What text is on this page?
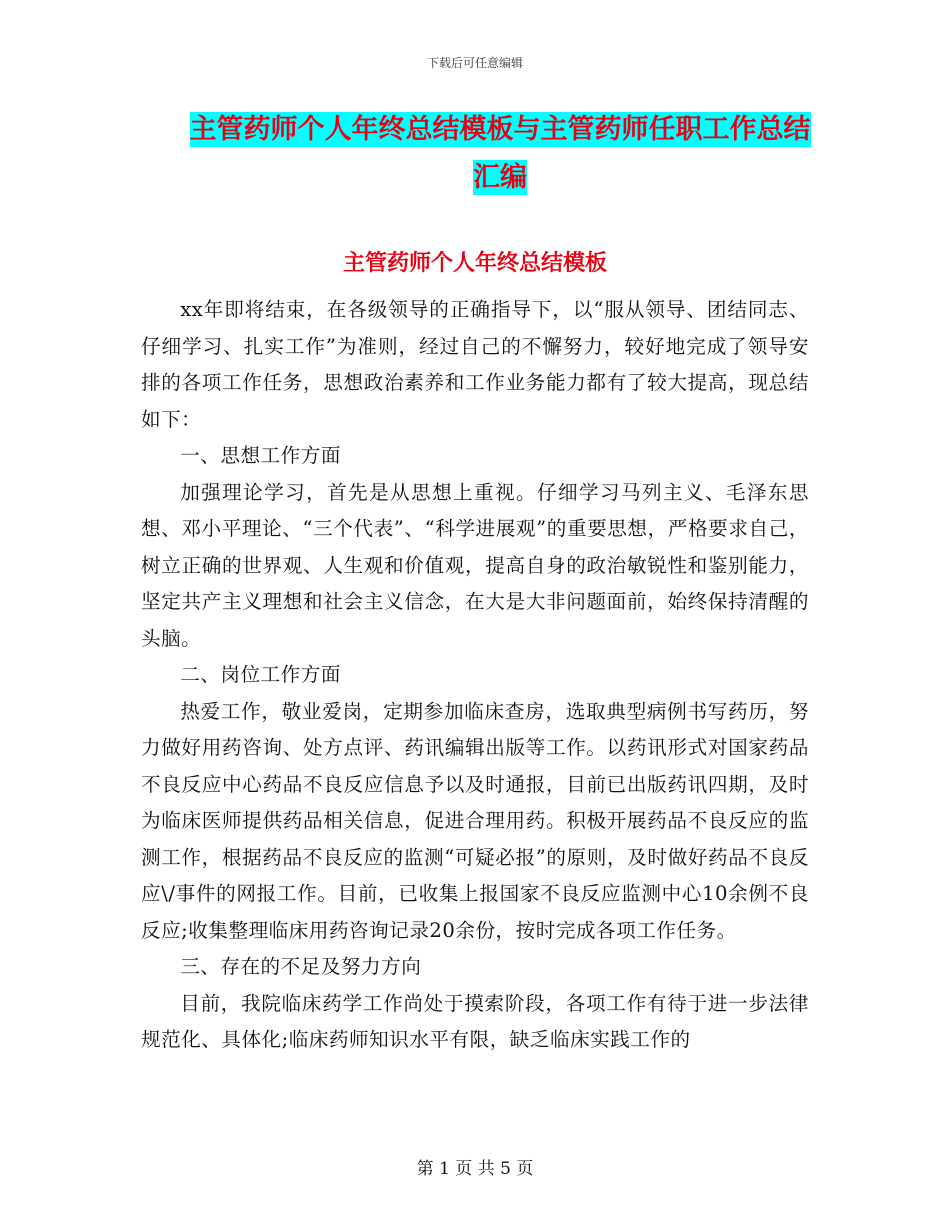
下载后可任意编辑
主管药师个人年终总结模板与主管药师任职工作总结
汇编
主管药师个人年终总结模板

xx年即将结束，在各级领导的正确指导下，以“服从领导、团结同志、仔细学习、扎实工作”为准则，经过自己的不懈努力，较好地完成了领导安排的各项工作任务，思想政治素养和工作业务能力都有了较大提高，现总结如下：

一、思想工作方面

加强理论学习，首先是从思想上重视。仔细学习马列主义、毛泽东思想、邓小平理论、“三个代表”、“科学进展观”的重要思想，严格要求自己，树立正确的世界观、人生观和价值观，提高自身的政治敏锐性和鉴别能力，坚定共产主义理想和社会主义信念，在大是大非问题面前，始终保持清醒的头脑。

二、岗位工作方面

热爱工作，敬业爱岗，定期参加临床查房，选取典型病例书写药历，努力做好用药咨询、处方点评、药讯编辑出版等工作。以药讯形式对国家药品不良反应中心药品不良反应信息予以及时通报，目前已出版药讯四期，及时为临床医师提供药品相关信息，促进合理用药。积极开展药品不良反应的监测工作，根据药品不良反应的监测“可疑必报”的原则，及时做好药品不良反应\/事件的网报工作。目前，已收集上报国家不良反应监测中心10余例不良反应;收集整理临床用药咨询记录20余份，按时完成各项工作任务。

三、存在的不足及努力方向

目前，我院临床药学工作尚处于摸索阶段，各项工作有待于进一步法律规范化、具体化;临床药师知识水平有限，缺乏临床实践工作的

第 1 页 共 5 页
